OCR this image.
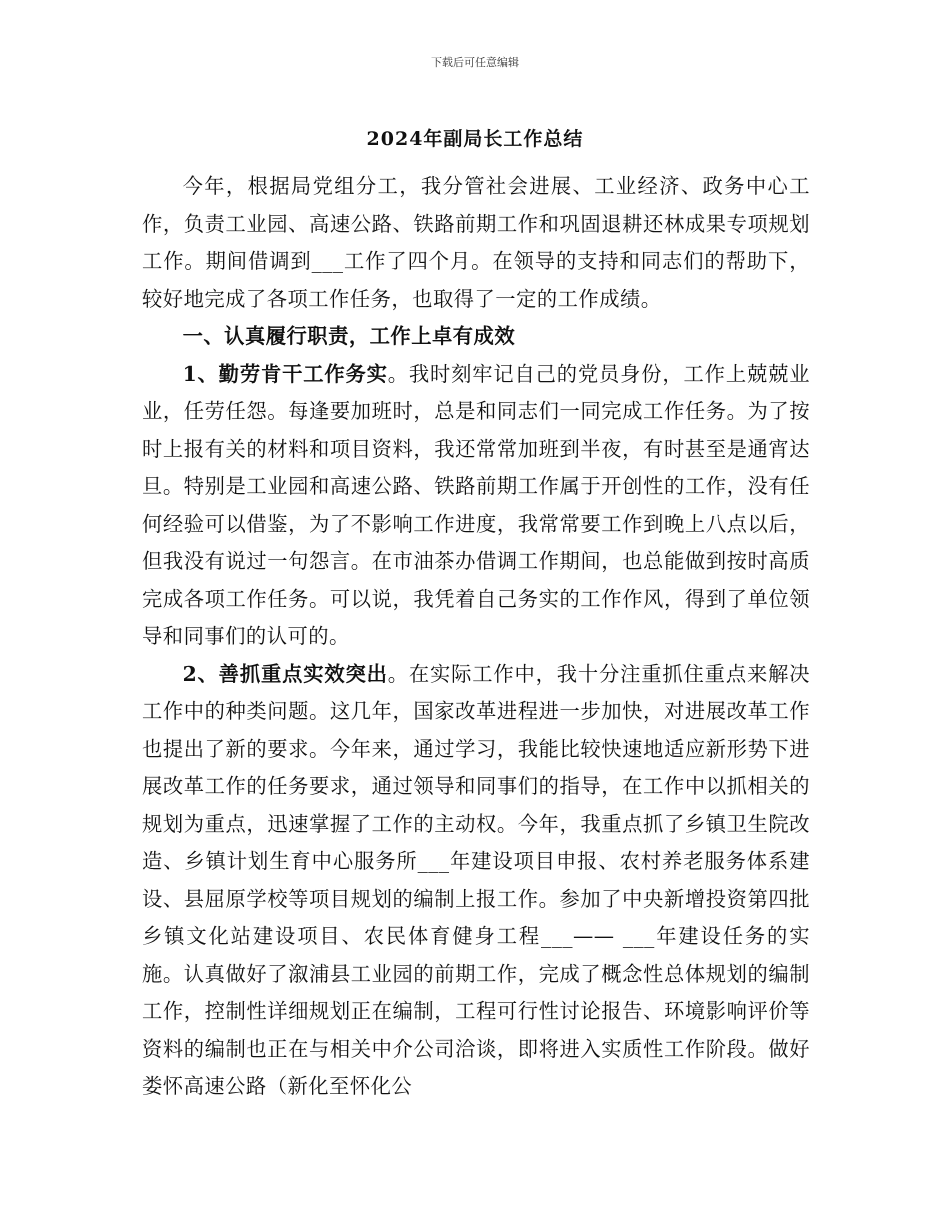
下载后可任意编辑
2024年副局长工作总结

今年，根据局党组分工，我分管社会进展、工业经济、政务中心工作，负责工业园、高速公路、铁路前期工作和巩固退耕还林成果专项规划工作。期间借调到___工作了四个月。在领导的支持和同志们的帮助下，较好地完成了各项工作任务，也取得了一定的工作成绩。

一、认真履行职责，工作上卓有成效

1、勤劳肯干工作务实。我时刻牢记自己的党员身份，工作上兢兢业业，任劳任怨。每逢要加班时，总是和同志们一同完成工作任务。为了按时上报有关的材料和项目资料，我还常常加班到半夜，有时甚至是通宵达旦。特别是工业园和高速公路、铁路前期工作属于开创性的工作，没有任何经验可以借鉴，为了不影响工作进度，我常常要工作到晚上八点以后，但我没有说过一句怨言。在市油茶办借调工作期间，也总能做到按时高质完成各项工作任务。可以说，我凭着自己务实的工作作风，得到了单位领导和同事们的认可的。

2、善抓重点实效突出。在实际工作中，我十分注重抓住重点来解决工作中的种类问题。这几年，国家改革进程进一步加快，对进展改革工作也提出了新的要求。今年来，通过学习，我能比较快速地适应新形势下进展改革工作的任务要求，通过领导和同事们的指导，在工作中以抓相关的规划为重点，迅速掌握了工作的主动权。今年，我重点抓了乡镇卫生院改造、乡镇计划生育中心服务所___年建设项目申报、农村养老服务体系建设、县屈原学校等项目规划的编制上报工作。参加了中央新增投资第四批乡镇文化站建设项目、农民体育健身工程___—— ___年建设任务的实施。认真做好了溆浦县工业园的前期工作，完成了概念性总体规划的编制工作，控制性详细规划正在编制，工程可行性讨论报告、环境影响评价等资料的编制也正在与相关中介公司洽谈，即将进入实质性工作阶段。做好娄怀高速公路（新化至怀化公
